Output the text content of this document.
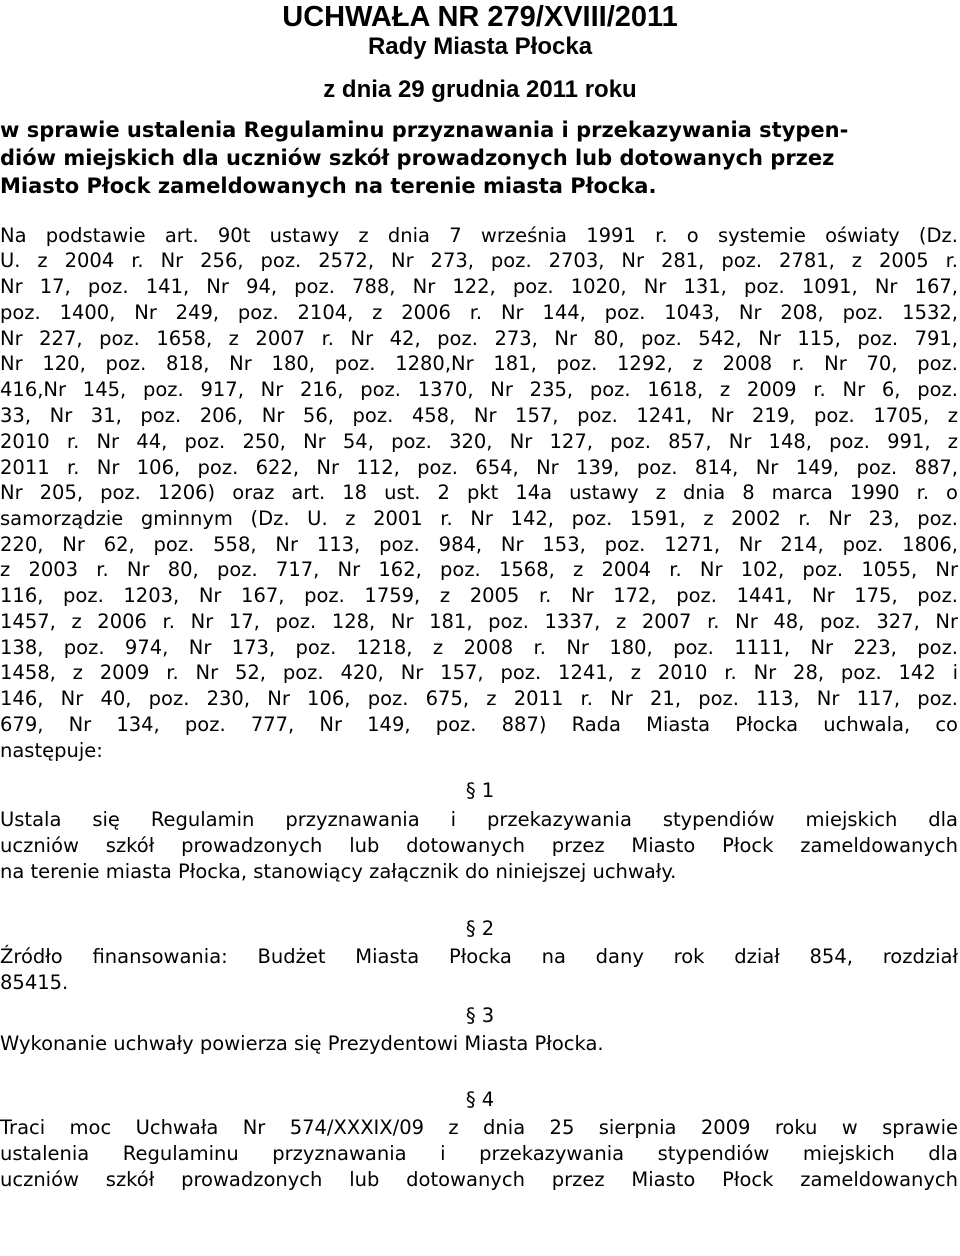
UCHWAŁA NR 279/XVIII/2011
Rady Miasta Płocka
z dnia 29 grudnia 2011 roku
w sprawie ustalenia Regulaminu przyznawania i przekazywania stypen-
diów miejskich dla uczniów szkół prowadzonych lub dotowanych przez
Miasto Płock zameldowanych na terenie miasta Płocka.
Na podstawie art. 90t ustawy z dnia 7 września 1991 r. o systemie oświaty (Dz.
U. z 2004 r. Nr 256, poz. 2572, Nr 273, poz. 2703, Nr 281, poz. 2781, z 2005 r.
Nr 17, poz. 141, Nr 94, poz. 788, Nr 122, poz. 1020, Nr 131, poz. 1091, Nr 167,
poz. 1400, Nr 249, poz. 2104, z 2006 r. Nr 144, poz. 1043, Nr 208, poz. 1532,
Nr 227, poz. 1658, z 2007 r. Nr 42, poz. 273, Nr 80, poz. 542, Nr 115, poz. 791,
Nr 120, poz. 818, Nr 180, poz. 1280,Nr 181, poz. 1292, z 2008 r. Nr 70, poz.
416,Nr 145, poz. 917, Nr 216, poz. 1370, Nr 235, poz. 1618, z 2009 r. Nr 6, poz.
33, Nr 31, poz. 206, Nr 56, poz. 458, Nr 157, poz. 1241, Nr 219, poz. 1705, z
2010 r. Nr 44, poz. 250, Nr 54, poz. 320, Nr 127, poz. 857, Nr 148, poz. 991, z
2011 r. Nr 106, poz. 622, Nr 112, poz. 654, Nr 139, poz. 814, Nr 149, poz. 887,
Nr 205, poz. 1206) oraz art. 18 ust. 2 pkt 14a ustawy z dnia 8 marca 1990 r. o
samorządzie gminnym (Dz. U. z 2001 r. Nr 142, poz. 1591, z 2002 r. Nr 23, poz.
220, Nr 62, poz. 558, Nr 113, poz. 984, Nr 153, poz. 1271, Nr 214, poz. 1806,
z 2003 r. Nr 80, poz. 717, Nr 162, poz. 1568, z 2004 r. Nr 102, poz. 1055, Nr
116, poz. 1203, Nr 167, poz. 1759, z 2005 r. Nr 172, poz. 1441, Nr 175, poz.
1457, z 2006 r. Nr 17, poz. 128, Nr 181, poz. 1337, z 2007 r. Nr 48, poz. 327, Nr
138, poz. 974, Nr 173, poz. 1218, z 2008 r. Nr 180, poz. 1111, Nr 223, poz.
1458, z 2009 r. Nr 52, poz. 420, Nr 157, poz. 1241, z 2010 r. Nr 28, poz. 142 i
146, Nr 40, poz. 230, Nr 106, poz. 675, z 2011 r. Nr 21, poz. 113, Nr 117, poz.
679, Nr 134, poz. 777, Nr 149, poz. 887) Rada Miasta Płocka uchwala, co
następuje:
§ 1
Ustala się Regulamin przyznawania i przekazywania stypendiów miejskich dla
uczniów szkół prowadzonych lub dotowanych przez Miasto Płock zameldowanych
na terenie miasta Płocka, stanowiący załącznik do niniejszej uchwały.
§ 2
Źródło finansowania: Budżet Miasta Płocka na dany rok dział 854, rozdział
85415.
§ 3
Wykonanie uchwały powierza się Prezydentowi Miasta Płocka.
§ 4
Traci moc Uchwała Nr 574/XXXIX/09 z dnia 25 sierpnia 2009 roku w sprawie
ustalenia Regulaminu przyznawania i przekazywania stypendiów miejskich dla
uczniów szkół prowadzonych lub dotowanych przez Miasto Płock zameldowanych
